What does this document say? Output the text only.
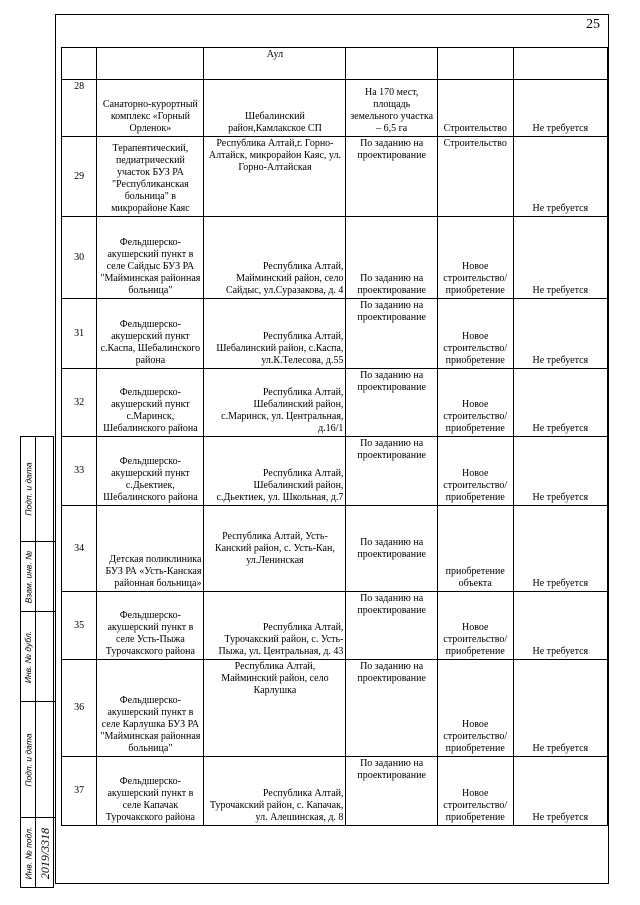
25
		Аул			
28	Санаторно-курортный комплекс «Горный Орленок»	Шебалинский район,Камлакское СП	На 170 мест, площадь земельного участка – 6,5 га	Строительство	Не требуется
29	Терапевтический, педиатрический участок БУЗ РА "Республиканская больница" в микрорайоне Каяс	Республика Алтай,г. Горно-Алтайск, микрорайон Каяс, ул. Горно-Алтайская	По заданию на проектирование	Строительство	Не требуется
30	Фельдшерско-акушерский пункт в селе Сайдыс БУЗ РА "Майминская районная больница"	Республика Алтай, Майминский район, село Сайдыс, ул.Суразакова, д. 4	По заданию на проектирование	Новое строительство/приобретение	Не требуется
31	Фельдшерско-акушерский пункт с.Каспа, Шебалинского района	Республика Алтай, Шебалинский район, с.Каспа, ул.К.Телесова, д.55	По заданию на проектирование	Новое строительство/приобретение	Не требуется
32	Фельдшерско-акушерский пункт с.Маринск, Шебалинского района	Республика Алтай, Шебалинский район, с.Маринск, ул. Центральная, д.16/1	По заданию на проектирование	Новое строительство/приобретение	Не требуется
33	Фельдшерско-акушерский пункт с.Дьектиек, Шебалинского района	Республика Алтай, Шебалинский район, с.Дьектиек, ул. Школьная, д.7	По заданию на проектирование	Новое строительство/приобретение	Не требуется
34	Детская поликлиника БУЗ РА «Усть-Канская районная больница»	Республика Алтай, Усть-Канский район, с. Усть-Кан, ул.Ленинская	По заданию на проектирование	приобретение объекта	Не требуется
35	Фельдшерско-акушерский пункт в селе Усть-Пыжа Турочакского района	Республика Алтай, Турочакский район, с. Усть-Пыжа, ул. Центральная, д. 43	По заданию на проектирование	Новое строительство/приобретение	Не требуется
36	Фельдшерско-акушерский пункт в селе Карлушка БУЗ РА "Майминская районная больница"	Республика Алтай, Майминский район, село Карлушка	По заданию на проектирование	Новое строительство/приобретение	Не требуется
37	Фельдшерско-акушерский пункт в селе Капачак Турочакского района	Республика Алтай, Турочакский район, с. Капачак, ул. Алешинская, д. 8	По заданию на проектирование	Новое строительство/приобретение	Не требуется
Подп. и дата
Взам. инв. №
Инв. № дубл.
Подп. и дата
Инв. № подл. 2019/3318
